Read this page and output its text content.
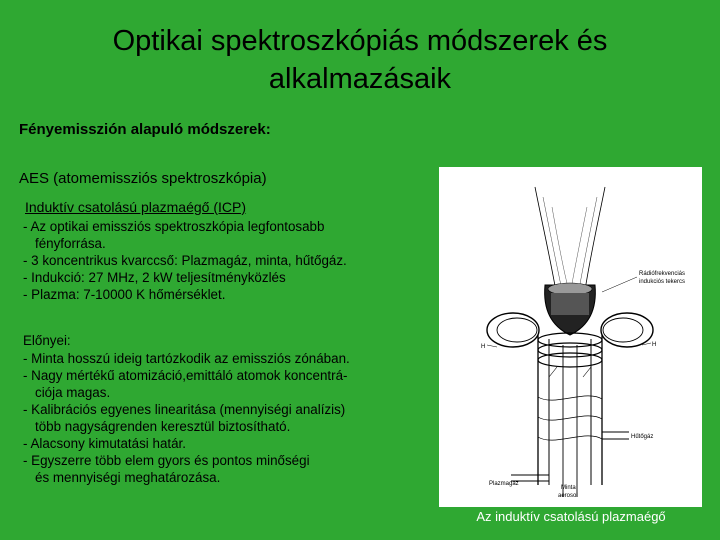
Optikai spektroszkópiás módszerek és
alkalmazásaik
Fényemisszión alapuló módszerek:
AES (atomemissziós spektroszkópia)
Induktív csatolású plazmaégő (ICP)
- Az optikai emissziós spektroszkópia legfontosabb
fényforrása.
- 3 koncentrikus kvarccső: Plazmagáz, minta, hűtőgáz.
- Indukció: 27 MHz, 2 kW teljesítményközlés
- Plazma: 7-10000 K hőmérséklet.
Előnyei:
- Minta hosszú ideig tartózkodik az emissziós zónában.
- Nagy mértékű atomizáció,emittáló atomok koncentrá-
ciója magas.
- Kalibrációs egyenes linearitása (mennyiségi analízis)
több nagyságrenden keresztül biztosítható.
- Alacsony kimutatási határ.
- Egyszerre több elem gyors és pontos minőségi
és mennyiségi meghatározása.
Rádiófrekvenciás
indukciós tekercs
H	H
Hűtőgáz
Plazmagáz
Minta
aerosol
Az induktív csatolású plazmaégő
